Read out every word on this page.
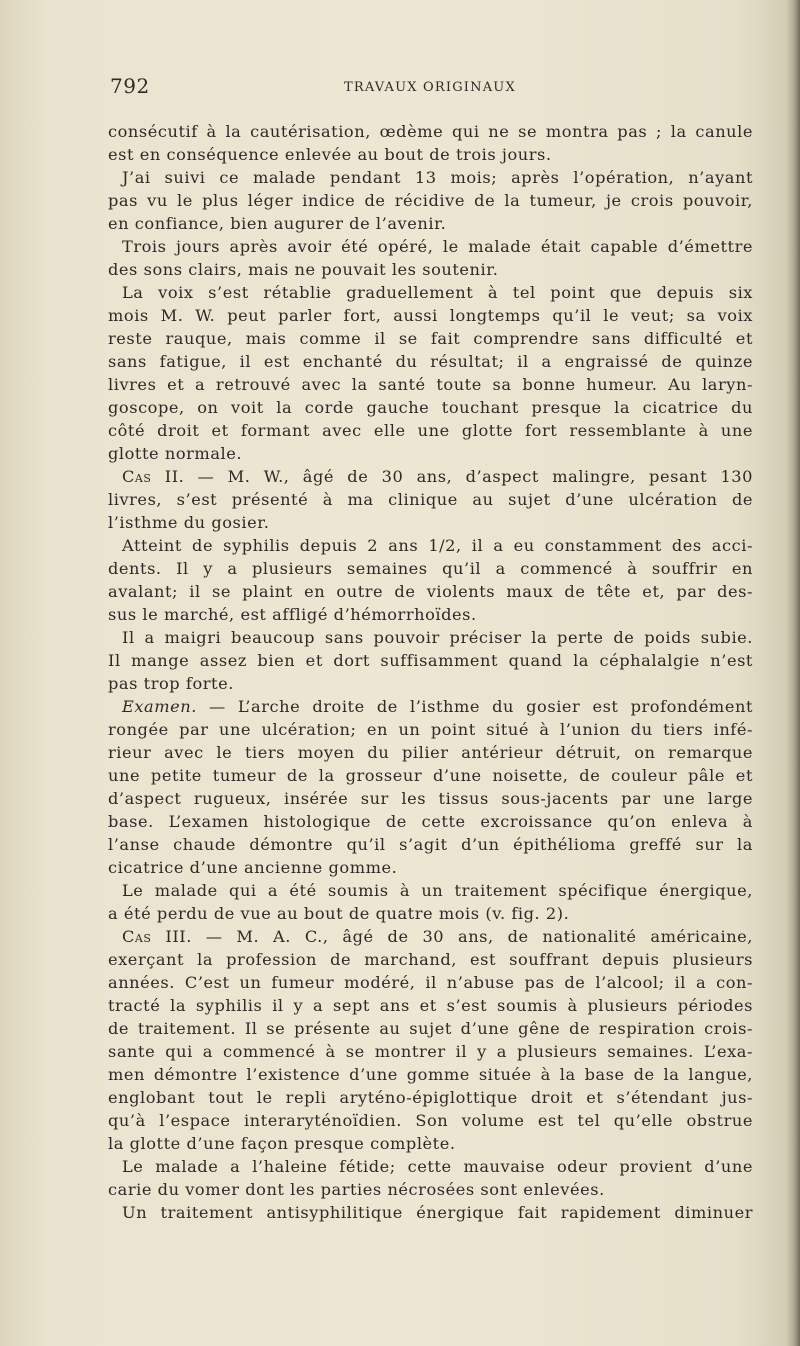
792	TRAVAUX ORIGINAUX
consécutif à la cautérisation, œdème qui ne se montra pas ; la canule
est en conséquence enlevée au bout de trois jours.
J’ai suivi ce malade pendant 13 mois; après l’opération, n’ayant
pas vu le plus léger indice de récidive de la tumeur, je crois pouvoir,
en confiance, bien augurer de l’avenir.
Trois jours après avoir été opéré, le malade était capable d’émettre
des sons clairs, mais ne pouvait les soutenir.
La voix s’est rétablie graduellement à tel point que depuis six
mois M. W. peut parler fort, aussi longtemps qu’il le veut; sa voix
reste rauque, mais comme il se fait comprendre sans difficulté et
sans fatigue, il est enchanté du résultat; il a engraissé de quinze
livres et a retrouvé avec la santé toute sa bonne humeur. Au laryn-
goscope, on voit la corde gauche touchant presque la cicatrice du
côté droit et formant avec elle une glotte fort ressemblante à une
glotte normale.
Cas II. — M. W., âgé de 30 ans, d’aspect malingre, pesant 130
livres, s’est présenté à ma clinique au sujet d’une ulcération de
l’isthme du gosier.
Atteint de syphilis depuis 2 ans 1/2, il a eu constamment des acci-
dents. Il y a plusieurs semaines qu’il a commencé à souffrir en
avalant; il se plaint en outre de violents maux de tête et, par des-
sus le marché, est affligé d’hémorrhoïdes.
Il a maigri beaucoup sans pouvoir préciser la perte de poids subie.
Il mange assez bien et dort suffisamment quand la céphalalgie n’est
pas trop forte.
Examen. — L’arche droite de l’isthme du gosier est profondément
rongée par une ulcération; en un point situé à l’union du tiers infé-
rieur avec le tiers moyen du pilier antérieur détruit, on remarque
une petite tumeur de la grosseur d’une noisette, de couleur pâle et
d’aspect rugueux, insérée sur les tissus sous-jacents par une large
base. L’examen histologique de cette excroissance qu’on enleva à
l’anse chaude démontre qu’il s’agit d’un épithélioma greffé sur la
cicatrice d’une ancienne gomme.
Le malade qui a été soumis à un traitement spécifique énergique,
a été perdu de vue au bout de quatre mois (v. fig. 2).
Cas III. — M. A. C., âgé de 30 ans, de nationalité américaine,
exerçant la profession de marchand, est souffrant depuis plusieurs
années. C’est un fumeur modéré, il n’abuse pas de l’alcool; il a con-
tracté la syphilis il y a sept ans et s’est soumis à plusieurs périodes
de traitement. Il se présente au sujet d’une gêne de respiration crois-
sante qui a commencé à se montrer il y a plusieurs semaines. L’exa-
men démontre l’existence d’une gomme située à la base de la langue,
englobant tout le repli aryténo-épiglottique droit et s’étendant jus-
qu’à l’espace interaryténoïdien. Son volume est tel qu’elle obstrue
la glotte d’une façon presque complète.
Le malade a l’haleine fétide; cette mauvaise odeur provient d’une
carie du vomer dont les parties nécrosées sont enlevées.
Un traitement antisyphilitique énergique fait rapidement diminuer
